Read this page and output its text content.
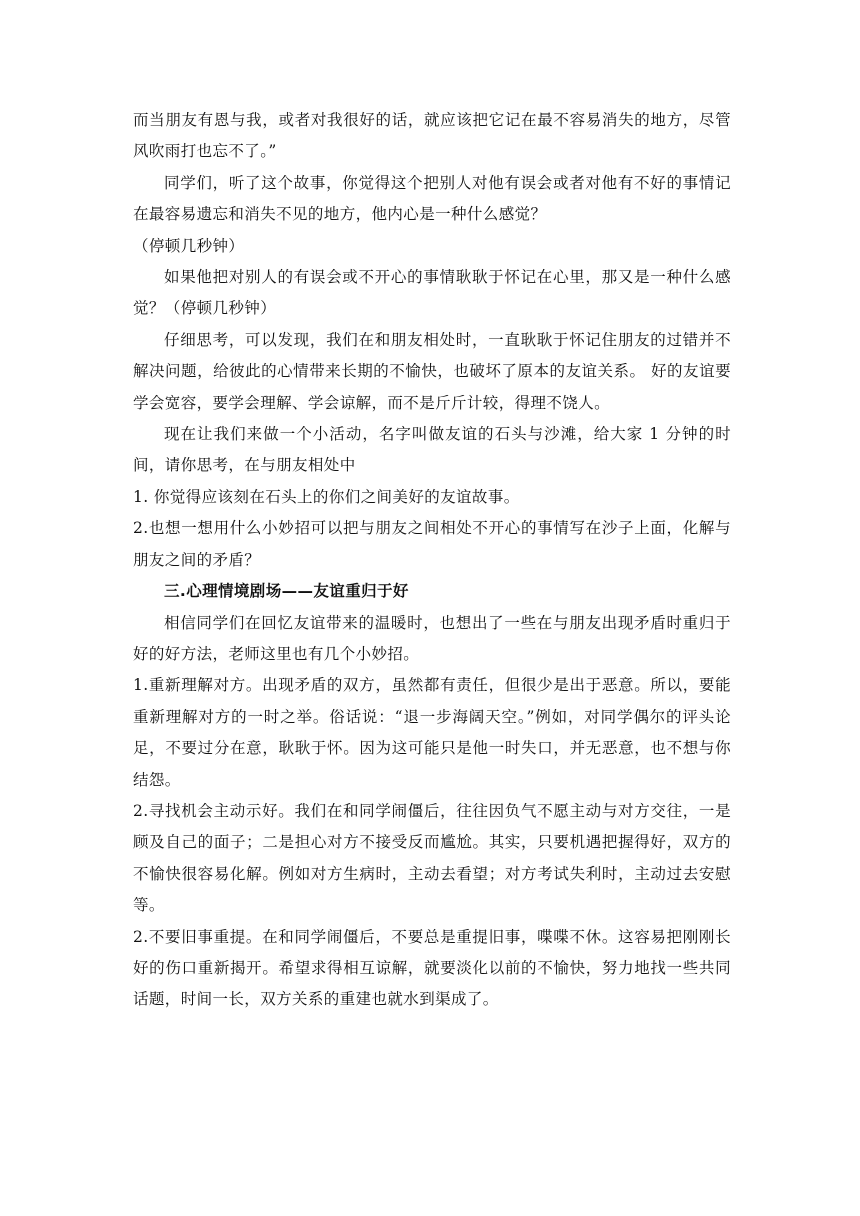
而当朋友有恩与我，或者对我很好的话，就应该把它记在最不容易消失的地方，尽管风吹雨打也忘不了。”

同学们，听了这个故事，你觉得这个把别人对他有误会或者对他有不好的事情记在最容易遗忘和消失不见的地方，他内心是一种什么感觉？

（停顿几秒钟）

如果他把对别人的有误会或不开心的事情耿耿于怀记在心里，那又是一种什么感觉？（停顿几秒钟）

仔细思考，可以发现，我们在和朋友相处时，一直耿耿于怀记住朋友的过错并不解决问题，给彼此的心情带来长期的不愉快，也破坏了原本的友谊关系。 好的友谊要学会宽容，要学会理解、学会谅解，而不是斤斤计较，得理不饶人。

现在让我们来做一个小活动，名字叫做友谊的石头与沙滩，给大家 1 分钟的时间，请你思考，在与朋友相处中

1. 你觉得应该刻在石头上的你们之间美好的友谊故事。

2.也想一想用什么小妙招可以把与朋友之间相处不开心的事情写在沙子上面，化解与朋友之间的矛盾？

三.心理情境剧场——友谊重归于好

相信同学们在回忆友谊带来的温暖时，也想出了一些在与朋友出现矛盾时重归于好的好方法，老师这里也有几个小妙招。

1.重新理解对方。出现矛盾的双方，虽然都有责任，但很少是出于恶意。所以，要能重新理解对方的一时之举。俗话说：“退一步海阔天空。”例如，对同学偶尔的评头论足，不要过分在意，耿耿于怀。因为这可能只是他一时失口，并无恶意，也不想与你结怨。

2.寻找机会主动示好。我们在和同学闹僵后，往往因负气不愿主动与对方交往，一是顾及自己的面子；二是担心对方不接受反而尴尬。其实，只要机遇把握得好，双方的不愉快很容易化解。例如对方生病时，主动去看望；对方考试失利时，主动过去安慰等。

2.不要旧事重提。在和同学闹僵后，不要总是重提旧事，喋喋不休。这容易把刚刚长好的伤口重新揭开。希望求得相互谅解，就要淡化以前的不愉快，努力地找一些共同话题，时间一长，双方关系的重建也就水到渠成了。
